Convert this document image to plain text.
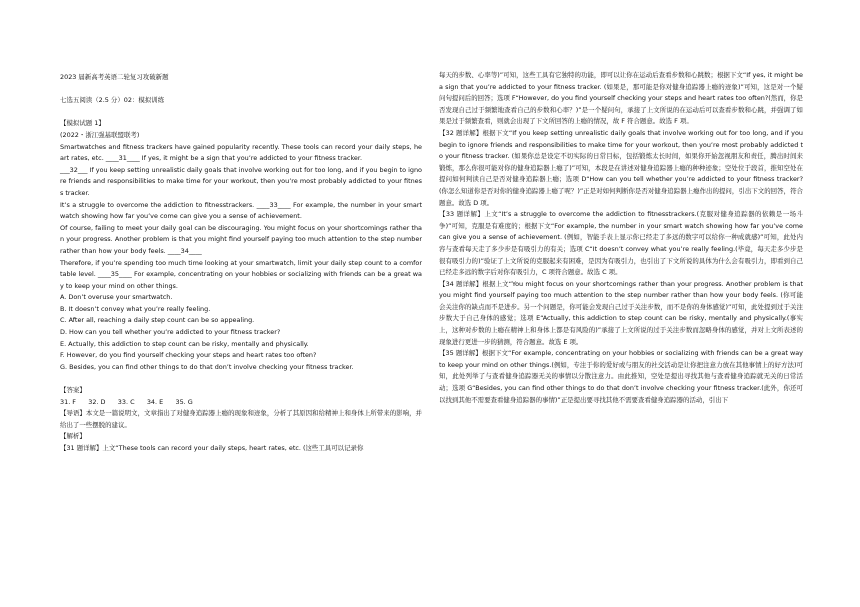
2023 届新高考英语二轮复习攻破新题

七选五阅读（2.5 分）02：模拟训练

【模拟试题 1】

(2022・浙江强基联盟联考)

Smartwatches and fitness trackers have gained popularity recently. These tools can record your daily steps, heart rates, etc. ____31____ If yes, it might be a sign that you’re addicted to your fitness tracker.

___32___ If you keep setting unrealistic daily goals that involve working out for too long, and if you begin to ignore friends and responsibilities to make time for your workout, then you’re most probably addicted to your fitness tracker.

It’s a struggle to overcome the addiction to fitnesstrackers. ____33____ For example, the number in your smart watch showing how far you’ve come can give you a sense of achievement.

Of course, failing to meet your daily goal can be discouraging. You might focus on your shortcomings rather than your progress. Another problem is that you might find yourself paying too much attention to the step number rather than how your body feels. ____34____

Therefore, if you’re spending too much time looking at your smartwatch, limit your daily step count to a comfortable level. ____35____ For example, concentrating on your hobbies or socializing with friends can be a great way to keep your mind on other things.

A. Don’t overuse your smartwatch.

B. It doesn’t convey what you’re really feeling.

C. After all, reaching a daily step count can be so appealing.

D. How can you tell whether you’re addicted to your fitness tracker?

E. Actually, this addiction to step count can be risky, mentally and physically.

F. However, do you find yourself checking your steps and heart rates too often?

G. Besides, you can find other things to do that don’t involve checking your fitness tracker.

【答案】

31. F      32. D      33. C      34. E      35. G

【导语】本文是一篇说明文，文章指出了对健身追踪器上瘾的现象和迹象，分析了其原因和给精神上和身体上所带来的影响，并给出了一些摆脱的建议。

【解析】

【31 题详解】上文“These tools can record your daily steps, heart rates, etc. (这些工具可以记录你

每天的步数、心率等)”可知，这些工具有它独特的功能，即可以让你在运动后查看步数和心跳数；根据下文“If yes, it might be a sign that you’re addicted to your fitness tracker. (如果是，那可能是你对健身追踪器上瘾的迹象)”可知，这是对一个疑问句提问后的回答；选项 F“However, do you find yourself checking your steps and heart rates too often?(然而，你是否发现自己过于频繁地查看自己的步数和心率？)”是一个疑问句，承接了上文所说的在运动后可以查看步数和心跳，并强调了如果是过于频繁查看，则就会出现了下文所回答的上瘾的情况，故 F 符合题意。故选 F 项。

【32 题详解】根据下文“If you keep setting unrealistic daily goals that involve working out for too long, and if you begin to ignore friends and responsibilities to make time for your workout, then you’re most probably addicted to your fitness tracker. (如果你总是设定不切实际的日常目标，包括锻炼太长时间，如果你开始忽视朋友和责任，腾出时间来锻炼，那么你很可能对你的健身追踪器上瘾了)”可知，本段是在讲述对健身追踪器上瘾的种种迹象；空处位于段首，推知空处在提问如何判读自己是否对健身追踪器上瘾；选项 D“How can you tell whether you’re addicted to your fitness tracker?(你怎么知道你是否对你的健身追踪器上瘾了呢？)”正是对如何判断你是否对健身追踪器上瘾作出的提问，引出下文的回答，符合题意。故选 D 项。

【33 题详解】上文“It’s a struggle to overcome the addiction to fitnesstrackers.(克服对健身追踪器的依赖是一场斗争)”可知，克服是有难度的；根据下文“For example, the number in your smart watch showing how far you’ve come can give you a sense of achievement. (例如，智能手表上显示你已经走了多远的数字可以给你一种成就感)”可知，此处内容与查看每天走了多少步是有吸引力的有关；选项 C“It doesn’t convey what you’re really feeling.(毕竟，每天走多少步是很有吸引力的)”验证了上文所说的克服起来有困难，是因为有吸引力，也引出了下文所说的具体为什么会有吸引力，即看到自己已经走多远的数字后对你有吸引力，C 项符合题意。故选 C 项。

【34 题详解】根据上文“You might focus on your shortcomings rather than your progress. Another problem is that you might find yourself paying too much attention to the step number rather than how your body feels. (你可能会关注你的缺点而不是进步。另一个问题是，你可能会发现自己过于关注步数，而不是你的身体感觉)”可知，此处提到过于关注步数大于自己身体的感觉；选项 E“Actually, this addiction to step count can be risky, mentally and physically.(事实上，这种对步数的上瘾在精神上和身体上都是有风险的)”承接了上文所说的过于关注步数而忽略身体的感觉，并对上文所表述的现象进行更进一步的猜测，符合题意。故选 E 项。

【35 题详解】根据下文“For example, concentrating on your hobbies or socializing with friends can be a great way to keep your mind on other things.(例如，专注于你的爱好或与朋友的社交活动是让你把注意力放在其他事情上的好方法)可知，此处列举了与查看健身追踪器无关的事情以分散注意力。由此推知，空处是提出寻找其他与查看健身追踪就无关的日常活动；选项 G“Besides, you can find other things to do that don’t involve checking your fitness tracker.(此外，你还可以找到其他不需要查看健身追踪器的事情)”正是提出要寻找其他不需要查看健身追踪器的活动，引出下
